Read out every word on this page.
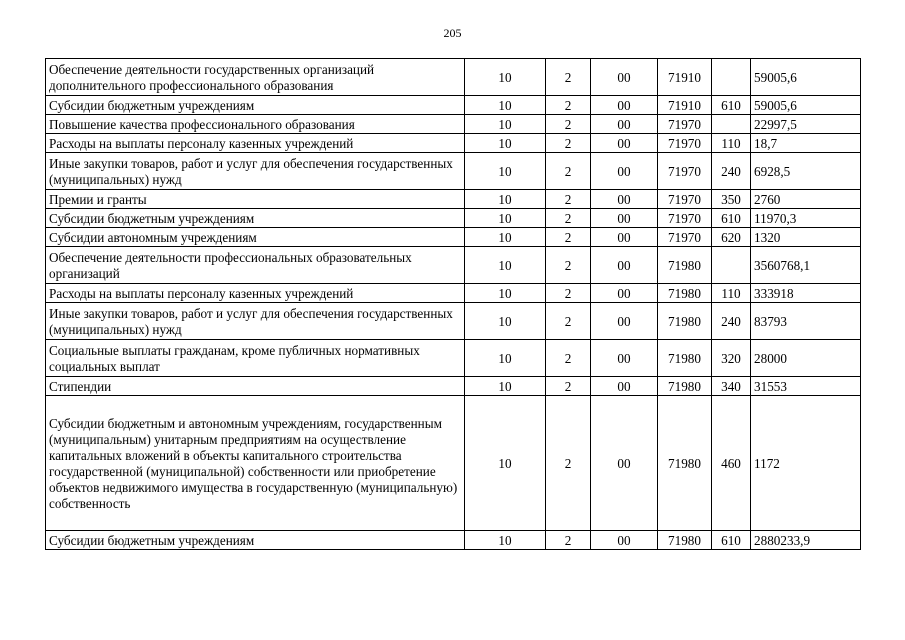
205
Обеспечение деятельности государственных организаций дополнительного профессионального образования	10	2	00	71910		59005,6
Субсидии бюджетным учреждениям	10	2	00	71910	610	59005,6
Повышение качества профессионального образования	10	2	00	71970		22997,5
Расходы на выплаты персоналу казенных учреждений	10	2	00	71970	110	18,7
Иные закупки товаров, работ и услуг для обеспечения государственных (муниципальных) нужд	10	2	00	71970	240	6928,5
Премии и гранты	10	2	00	71970	350	2760
Субсидии бюджетным учреждениям	10	2	00	71970	610	11970,3
Субсидии автономным учреждениям	10	2	00	71970	620	1320
Обеспечение деятельности профессиональных образовательных организаций	10	2	00	71980		3560768,1
Расходы на выплаты персоналу казенных учреждений	10	2	00	71980	110	333918
Иные закупки товаров, работ и услуг для обеспечения государственных (муниципальных) нужд	10	2	00	71980	240	83793
Социальные выплаты гражданам, кроме публичных нормативных социальных выплат	10	2	00	71980	320	28000
Стипендии	10	2	00	71980	340	31553
Субсидии бюджетным и автономным учреждениям, государственным (муниципальным) унитарным предприятиям на осуществление капитальных вложений в объекты капитального строительства государственной (муниципальной) собственности или приобретение объектов недвижимого имущества в государственную (муниципальную) собственность	10	2	00	71980	460	1172
Субсидии бюджетным учреждениям	10	2	00	71980	610	2880233,9
